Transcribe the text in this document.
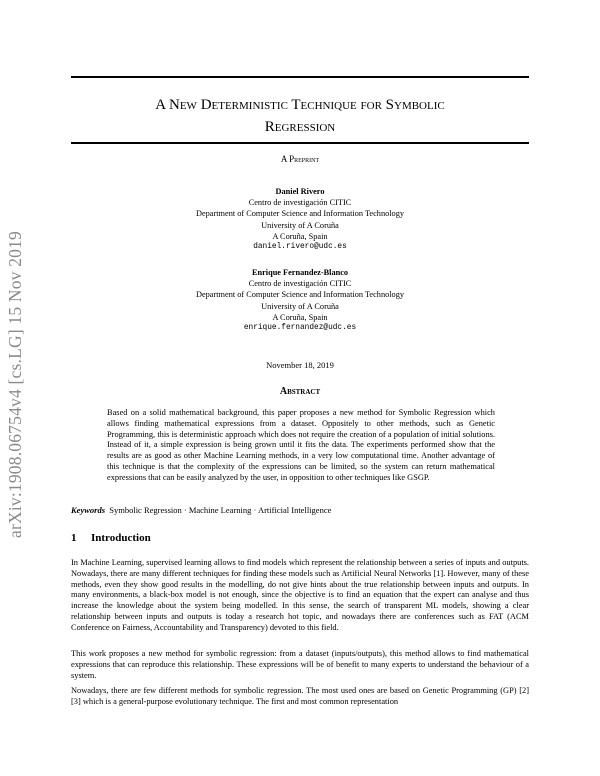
arXiv:1908.06754v4 [cs.LG] 15 Nov 2019
A New Deterministic Technique for Symbolic
Regression
A Preprint
Daniel Rivero
Centro de investigación CITIC
Department of Computer Science and Information Technology
University of A Coruña
A Coruña, Spain
daniel.rivero@udc.es
Enrique Fernandez-Blanco
Centro de investigación CITIC
Department of Computer Science and Information Technology
University of A Coruña
A Coruña, Spain
enrique.fernandez@udc.es
November 18, 2019
Abstract
Based on a solid mathematical background, this paper proposes a new method for Symbolic Regression which allows finding mathematical expressions from a dataset. Oppositely to other methods, such as Genetic Programming, this is deterministic approach which does not require the creation of a population of initial solutions. Instead of it, a simple expression is being grown until it fits the data. The experiments performed show that the results are as good as other Machine Learning methods, in a very low computational time. Another advantage of this technique is that the complexity of the expressions can be limited, so the system can return mathematical expressions that can be easily analyzed by the user, in opposition to other techniques like GSGP.
Keywords Symbolic Regression · Machine Learning · Artificial Intelligence
1 Introduction
In Machine Learning, supervised learning allows to find models which represent the relationship between a series of inputs and outputs. Nowadays, there are many different techniques for finding these models such as Artificial Neural Networks [1]. However, many of these methods, even they show good results in the modelling, do not give hints about the true relationship between inputs and outputs. In many environments, a black-box model is not enough, since the objective is to find an equation that the expert can analyse and thus increase the knowledge about the system being modelled. In this sense, the search of transparent ML models, showing a clear relationship between inputs and outputs is today a research hot topic, and nowadays there are conferences such as FAT (ACM Conference on Fairness, Accountability and Transparency) devoted to this field.
This work proposes a new method for symbolic regression: from a dataset (inputs/outputs), this method allows to find mathematical expressions that can reproduce this relationship. These expressions will be of benefit to many experts to understand the behaviour of a system.
Nowadays, there are few different methods for symbolic regression. The most used ones are based on Genetic Programming (GP) [2] [3] which is a general-purpose evolutionary technique. The first and most common representation
